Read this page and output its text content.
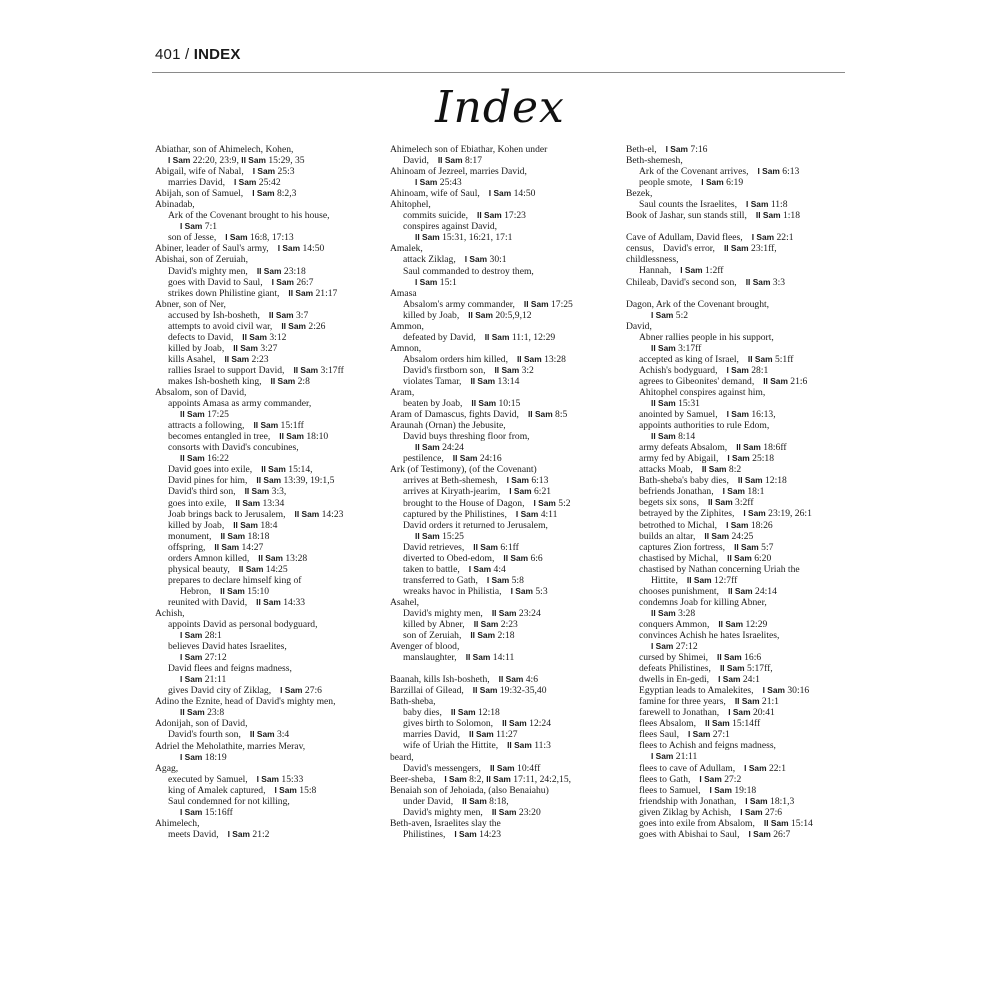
401 / INDEX
Index
Abiathar, son of Ahimelech, Kohen,
I Sam 22:20, 23:9, II Sam 15:29, 35
Abigail, wife of Nabal, I Sam 25:3
marries David, I Sam 25:42
Abijah, son of Samuel, I Sam 8:2,3
Abinadab,
Ark of the Covenant brought to his house,
I Sam 7:1
son of Jesse, I Sam 16:8, 17:13
Abiner, leader of Saul's army, I Sam 14:50
Abishai, son of Zeruiah,
David's mighty men, II Sam 23:18
goes with David to Saul, I Sam 26:7
strikes down Philistine giant, II Sam 21:17
Abner, son of Ner,
accused by Ish-bosheth, II Sam 3:7
attempts to avoid civil war, II Sam 2:26
defects to David, II Sam 3:12
killed by Joab, II Sam 3:27
kills Asahel, II Sam 2:23
rallies Israel to support David, II Sam 3:17ff
makes Ish-bosheth king, II Sam 2:8
Absalom, son of David,
appoints Amasa as army commander,
II Sam 17:25
attracts a following, II Sam 15:1ff
becomes entangled in tree, II Sam 18:10
consorts with David's concubines,
II Sam 16:22
David goes into exile, II Sam 15:14,
David pines for him, II Sam 13:39, 19:1,5
David's third son, II Sam 3:3,
goes into exile, II Sam 13:34
Joab brings back to Jerusalem, II Sam 14:23
killed by Joab, II Sam 18:4
monument, II Sam 18:18
offspring, II Sam 14:27
orders Amnon killed, II Sam 13:28
physical beauty, II Sam 14:25
prepares to declare himself king of
Hebron, II Sam 15:10
reunited with David, II Sam 14:33
Achish,
appoints David as personal bodyguard,
I Sam 28:1
believes David hates Israelites,
I Sam 27:12
David flees and feigns madness,
I Sam 21:11
gives David city of Ziklag, I Sam 27:6
Adino the Eznite, head of David's mighty men,
II Sam 23:8
Adonijah, son of David,
David's fourth son, II Sam 3:4
Adriel the Meholathite, marries Merav,
I Sam 18:19
Agag,
executed by Samuel, I Sam 15:33
king of Amalek captured, I Sam 15:8
Saul condemned for not killing,
I Sam 15:16ff
Ahimelech,
meets David, I Sam 21:2
Ahimelech son of Ebiathar, Kohen under
David, II Sam 8:17
Ahinoam of Jezreel, marries David,
I Sam 25:43
Ahinoam, wife of Saul, I Sam 14:50
Ahitophel,
commits suicide, II Sam 17:23
conspires against David,
II Sam 15:31, 16:21, 17:1
Amalek,
attack Ziklag, I Sam 30:1
Saul commanded to destroy them,
I Sam 15:1
Amasa
Absalom's army commander, II Sam 17:25
killed by Joab, II Sam 20:5,9,12
Ammon,
defeated by David, II Sam 11:1, 12:29
Amnon,
Absalom orders him killed, II Sam 13:28
David's firstborn son, II Sam 3:2
violates Tamar, II Sam 13:14
Aram,
beaten by Joab, II Sam 10:15
Aram of Damascus, fights David, II Sam 8:5
Araunah (Ornan) the Jebusite,
David buys threshing floor from,
II Sam 24:24
pestilence, II Sam 24:16
Ark (of Testimony), (of the Covenant)
arrives at Beth-shemesh, I Sam 6:13
arrives at Kiryath-jearim, I Sam 6:21
brought to the House of Dagon, I Sam 5:2
captured by the Philistines, I Sam 4:11
David orders it returned to Jerusalem,
II Sam 15:25
David retrieves, II Sam 6:1ff
diverted to Obed-edom, II Sam 6:6
taken to battle, I Sam 4:4
transferred to Gath, I Sam 5:8
wreaks havoc in Philistia, I Sam 5:3
Asahel,
David's mighty men, II Sam 23:24
killed by Abner, II Sam 2:23
son of Zeruiah, II Sam 2:18
Avenger of blood,
manslaughter, II Sam 14:11
Baanah, kills Ish-bosheth, II Sam 4:6
Barzillai of Gilead, II Sam 19:32-35,40
Bath-sheba,
baby dies, II Sam 12:18
gives birth to Solomon, II Sam 12:24
marries David, II Sam 11:27
wife of Uriah the Hittite, II Sam 11:3
beard,
David's messengers, II Sam 10:4ff
Beer-sheba, I Sam 8:2, II Sam 17:11, 24:2,15,
Benaiah son of Jehoiada, (also Benaiahu)
under David, II Sam 8:18,
David's mighty men, II Sam 23:20
Beth-aven, Israelites slay the
Philistines, I Sam 14:23
Beth-el, I Sam 7:16
Beth-shemesh,
Ark of the Covenant arrives, I Sam 6:13
people smote, I Sam 6:19
Bezek,
Saul counts the Israelites, I Sam 11:8
Book of Jashar, sun stands still, II Sam 1:18
Cave of Adullam, David flees, I Sam 22:1
census, David's error, II Sam 23:1ff,
childlessness,
Hannah, I Sam 1:2ff
Chileab, David's second son, II Sam 3:3
Dagon, Ark of the Covenant brought,
I Sam 5:2
David,
Abner rallies people in his support,
II Sam 3:17ff
accepted as king of Israel, II Sam 5:1ff
Achish's bodyguard, I Sam 28:1
agrees to Gibeonites' demand, II Sam 21:6
Ahitophel conspires against him,
II Sam 15:31
anointed by Samuel, I Sam 16:13,
appoints authorities to rule Edom,
II Sam 8:14
army defeats Absalom, II Sam 18:6ff
army fed by Abigail, I Sam 25:18
attacks Moab, II Sam 8:2
Bath-sheba's baby dies, II Sam 12:18
befriends Jonathan, I Sam 18:1
begets six sons, II Sam 3:2ff
betrayed by the Ziphites, I Sam 23:19, 26:1
betrothed to Michal, I Sam 18:26
builds an altar, II Sam 24:25
captures Zion fortress, II Sam 5:7
chastised by Michal, II Sam 6:20
chastised by Nathan concerning Uriah the
Hittite, II Sam 12:7ff
chooses punishment, II Sam 24:14
condemns Joab for killing Abner,
II Sam 3:28
conquers Ammon, II Sam 12:29
convinces Achish he hates Israelites,
I Sam 27:12
cursed by Shimei, II Sam 16:6
defeats Philistines, II Sam 5:17ff,
dwells in En-gedi, I Sam 24:1
Egyptian leads to Amalekites, I Sam 30:16
famine for three years, II Sam 21:1
farewell to Jonathan, I Sam 20:41
flees Absalom, II Sam 15:14ff
flees Saul, I Sam 27:1
flees to Achish and feigns madness,
I Sam 21:11
flees to cave of Adullam, I Sam 22:1
flees to Gath, I Sam 27:2
flees to Samuel, I Sam 19:18
friendship with Jonathan, I Sam 18:1,3
given Ziklag by Achish, I Sam 27:6
goes into exile from Absalom, II Sam 15:14
goes with Abishai to Saul, I Sam 26:7
